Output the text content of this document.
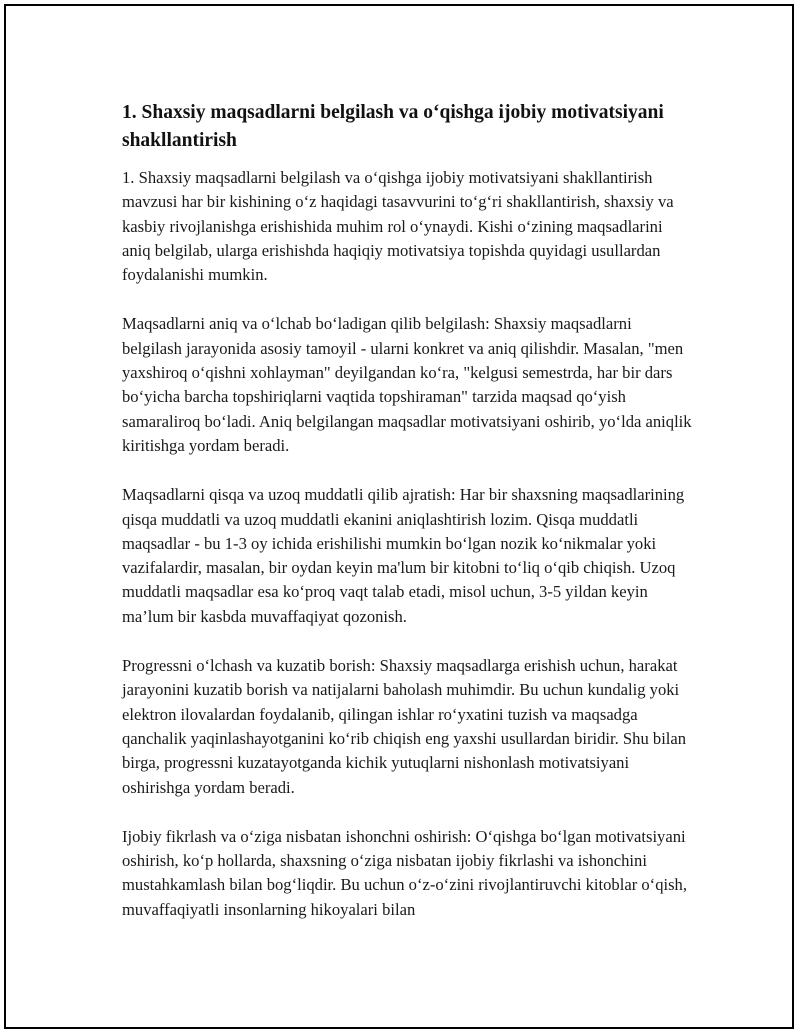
1. Shaxsiy maqsadlarni belgilash va o‘qishga ijobiy motivatsiyani shakllantirish

1. Shaxsiy maqsadlarni belgilash va o‘qishga ijobiy motivatsiyani shakllantirish mavzusi har bir kishining o‘z haqidagi tasavvurini to‘g‘ri shakllantirish, shaxsiy va kasbiy rivojlanishga erishishida muhim rol o‘ynaydi. Kishi o‘zining maqsadlarini aniq belgilab, ularga erishishda haqiqiy motivatsiya topishda quyidagi usullardan foydalanishi mumkin.

Maqsadlarni aniq va o‘lchab bo‘ladigan qilib belgilash: Shaxsiy maqsadlarni belgilash jarayonida asosiy tamoyil - ularni konkret va aniq qilishdir. Masalan, "men yaxshiroq o‘qishni xohlayman" deyilgandan ko‘ra, "kelgusi semestrda, har bir dars bo‘yicha barcha topshiriqlarni vaqtida topshiraman" tarzida maqsad qo‘yish samaraliroq bo‘ladi. Aniq belgilangan maqsadlar motivatsiyani oshirib, yo‘lda aniqlik kiritishga yordam beradi.

Maqsadlarni qisqa va uzoq muddatli qilib ajratish: Har bir shaxsning maqsadlarining qisqa muddatli va uzoq muddatli ekanini aniqlashtirish lozim. Qisqa muddatli maqsadlar - bu 1-3 oy ichida erishilishi mumkin bo‘lgan nozik ko‘nikmalar yoki vazifalardir, masalan, bir oydan keyin ma'lum bir kitobni to‘liq o‘qib chiqish. Uzoq muddatli maqsadlar esa ko‘proq vaqt talab etadi, misol uchun, 3-5 yildan keyin ma’lum bir kasbda muvaffaqiyat qozonish.

Progressni o‘lchash va kuzatib borish: Shaxsiy maqsadlarga erishish uchun, harakat jarayonini kuzatib borish va natijalarni baholash muhimdir. Bu uchun kundalig yoki elektron ilovalardan foydalanib, qilingan ishlar ro‘yxatini tuzish va maqsadga qanchalik yaqinlashayotganini ko‘rib chiqish eng yaxshi usullardan biridir. Shu bilan birga, progressni kuzatayotganda kichik yutuqlarni nishonlash motivatsiyani oshirishga yordam beradi.

Ijobiy fikrlash va o‘ziga nisbatan ishonchni oshirish: O‘qishga bo‘lgan motivatsiyani oshirish, ko‘p hollarda, shaxsning o‘ziga nisbatan ijobiy fikrlashi va ishonchini mustahkamlash bilan bog‘liqdir. Bu uchun o‘z-o‘zini rivojlantiruvchi kitoblar o‘qish, muvaffaqiyatli insonlarning hikoyalari bilan
